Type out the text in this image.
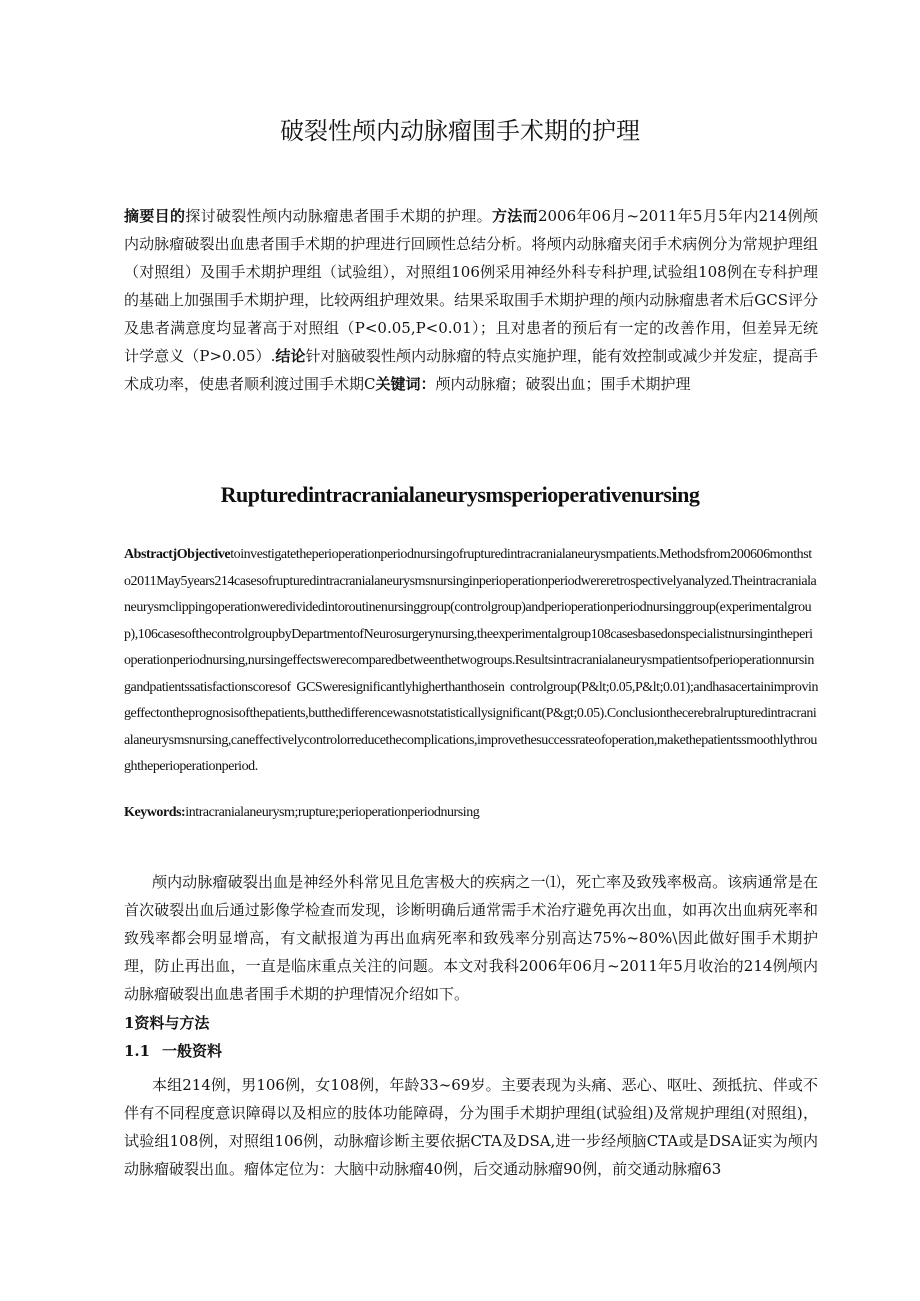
破裂性颅内动脉瘤围手术期的护理
摘要目的探讨破裂性颅内动脉瘤患者围手术期的护理。方法而2006年06月~2011年5月5年内214例颅内动脉瘤破裂出血患者围手术期的护理进行回顾性总结分析。将颅内动脉瘤夹闭手术病例分为常规护理组（对照组）及围手术期护理组（试验组），对照组106例采用神经外科专科护理,试验组108例在专科护理的基础上加强围手术期护理，比较两组护理效果。结果采取围手术期护理的颅内动脉瘤患者术后GCS评分及患者满意度均显著高于对照组（P<0.05,P<0.01）；且对患者的预后有一定的改善作用，但差异无统计学意义（P>0.05）.结论针对脑破裂性颅内动脉瘤的特点实施护理，能有效控制或减少并发症，提高手术成功率，使患者顺利渡过围手术期C关键词：颅内动脉瘤；破裂出血；围手术期护理
Rupturedintracranialaneurysmsperioperativenursing
AbstractjObjectivetoinvestigatetheperioperationperiodnursingofrupturedintracranialaneurysmpatients.Methodsfrom200606monthsto2011May5years214casesofrupturedintracranialaneurysmsnursinginperioperationperiodwereretrospectivelyanalyzed.Theintracranialaneurysmclippingoperationweredividedintoroutinenursinggroup(controlgroup)andperioperationperiodnursinggroup(experimentalgroup),106casesofthecontrolgroupbyDepartmentofNeurosurgerynursing,theexperimentalgroup108casesbasedonspecialistnursingintheperioperationperiodnursing,nursingeffectswerecomparedbetweenthetwogroups.Resultsintracranialaneurysmpatientsofperioperationnursingandpatientssatisfactionscoresof GCSweresignificantlyhigherthanthosein controlgroup(P&lt;0.05,P&lt;0.01);andhasacertainimprovingeffectontheprognosisofthepatients,butthedifferencewasnotstatisticallysignificant(P&gt;0.05).Conclusionthecerebralrupturedintracranialaneurysmsnursing,caneffectivelycontrolorreducethecomplications,improvethesuccessrateofoperation,makethepatientssmoothlythroughtheperioperationperiod.
Keywords:intracranialaneurysm;rupture;perioperationperiodnursing
颅内动脉瘤破裂出血是神经外科常见且危害极大的疾病之一⑴，死亡率及致残率极高。该病通常是在首次破裂出血后通过影像学检查而发现，诊断明确后通常需手术治疗避免再次出血，如再次出血病死率和致残率都会明显增高，有文献报道为再出血病死率和致残率分别高达75%~80%\因此做好围手术期护理，防止再出血，一直是临床重点关注的问题。本文对我科2006年06月~2011年5月收治的214例颅内动脉瘤破裂出血患者围手术期的护理情况介绍如下。
1资料与方法
1.1 一般资料
本组214例，男106例，女108例，年龄33~69岁。主要表现为头痛、恶心、呕吐、颈抵抗、伴或不伴有不同程度意识障碍以及相应的肢体功能障碍，分为围手术期护理组(试验组)及常规护理组(对照组)，试验组108例，对照组106例，动脉瘤诊断主要依据CTA及DSA,进一步经颅脑CTA或是DSA证实为颅内动脉瘤破裂出血。瘤体定位为：大脑中动脉瘤40例，后交通动脉瘤90例，前交通动脉瘤63
